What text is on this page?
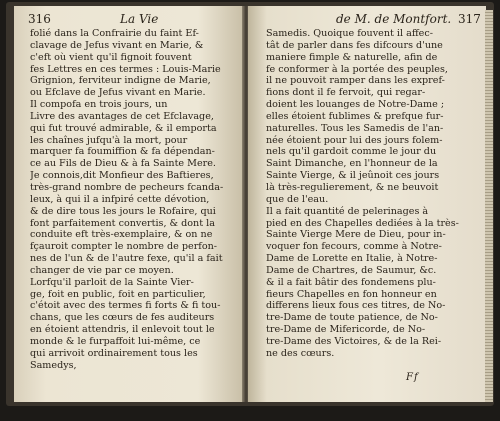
316	La Vie
folié dans la Confrairie du faint Ef-
clavage de Jefus vivant en Marie, &
c'eft où vient qu'il fignoit fouvent
fes Lettres en ces termes : Louis-Marie
Grignion, ferviteur indigne de Marie,
ou Efclave de Jefus vivant en Marie.
Il compofa en trois jours, un
Livre des avantages de cet Efclavage,
qui fut trouvé admirable, & il emporta
les chaînes jufqu'à la mort, pour
marquer fa foumiffion & fa dépendan-
ce au Fils de Dieu & à fa Sainte Mere.
Je connois,dit Monfieur des Baftieres,
très-grand nombre de pecheurs fcanda-
leux, à qui il a infpiré cette dévotion,
& de dire tous les jours le Rofaire, qui
font parfaitement convertis, & dont la
conduite eft très-exemplaire, & on ne
fçauroit compter le nombre de perfon-
nes de l'un & de l'autre fexe, qu'il a fait
changer de vie par ce moyen.
Lorfqu'il parloit de la Sainte Vier-
ge, foit en public, foit en particulier,
c'étoit avec des termes fi forts & fi tou-
chans, que les cœurs de fes auditeurs
en étoient attendris, il enlevoit tout le
monde & le furpaffoit lui-même, ce
qui arrivoit ordinairement tous les
Samedys,
de M. de Montfort. 317
Samedis. Quoique fouvent il affec-
tât de parler dans fes difcours d'une
maniere fimple & naturelle, afin de
fe conformer à la portée des peuples,
il ne pouvoit ramper dans les expref-
fions dont il fe fervoit, qui regar-
doient les louanges de Notre-Dame ;
elles étoient fublimes & prefque fur-
naturelles. Tous les Samedis de l'an-
née étoient pour lui des jours folem-
nels qu'il gardoit comme le jour du
Saint Dimanche, en l'honneur de la
Sainte Vierge, & il jeûnoit ces jours
là très-regulierement, & ne beuvoit
que de l'eau.
Il a fait quantité de pelerinages à
pied en des Chapelles dediées à la très-
Sainte Vierge Mere de Dieu, pour in-
voquer fon fecours, comme à Notre-
Dame de Lorette en Italie, à Notre-
Dame de Chartres, de Saumur, &c.
& il a fait bâtir des fondemens plu-
fieurs Chapelles en fon honneur en
differens lieux fous ces titres, de No-
tre-Dame de toute patience, de No-
tre-Dame de Mifericorde, de No-
tre-Dame des Victoires, & de la Rei-
ne des cœurs.
Ff
